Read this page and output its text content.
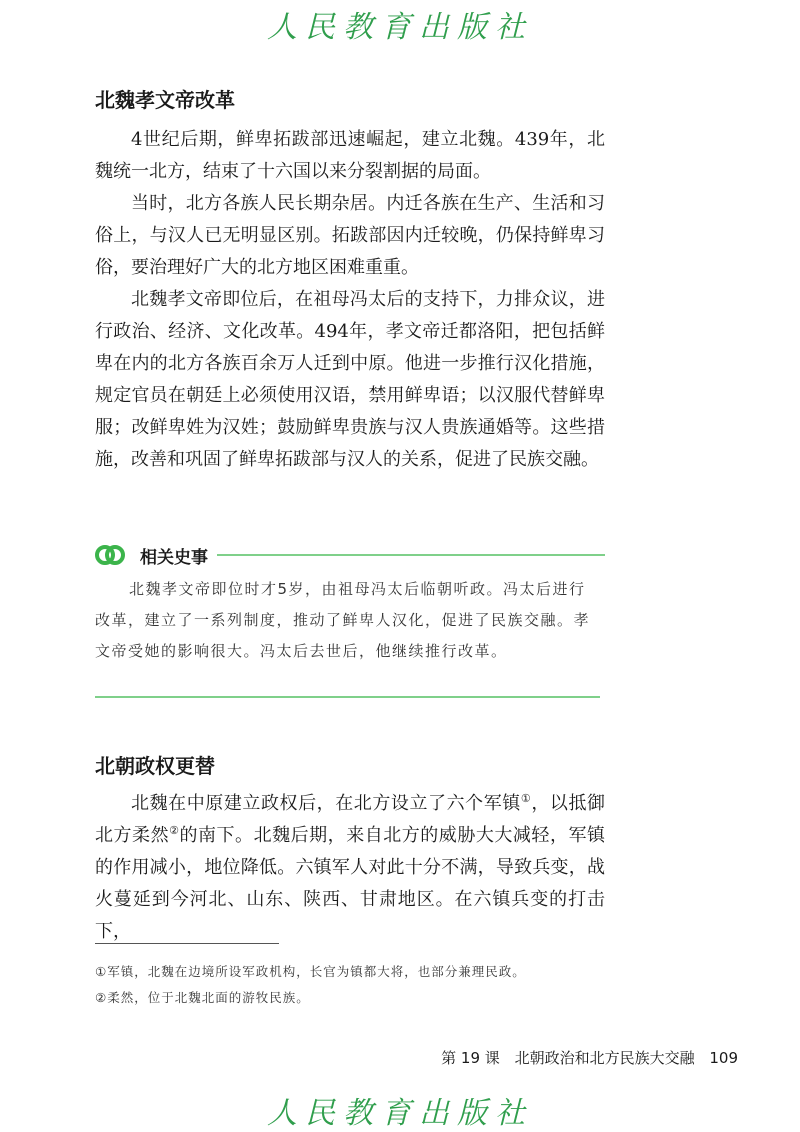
人民教育出版社
北魏孝文帝改革

4世纪后期，鲜卑拓跋部迅速崛起，建立北魏。439年，北魏统一北方，结束了十六国以来分裂割据的局面。

当时，北方各族人民长期杂居。内迁各族在生产、生活和习俗上，与汉人已无明显区别。拓跋部因内迁较晚，仍保持鲜卑习俗，要治理好广大的北方地区困难重重。

北魏孝文帝即位后，在祖母冯太后的支持下，力排众议，进行政治、经济、文化改革。494年，孝文帝迁都洛阳，把包括鲜卑在内的北方各族百余万人迁到中原。他进一步推行汉化措施，规定官员在朝廷上必须使用汉语，禁用鲜卑语；以汉服代替鲜卑服；改鲜卑姓为汉姓；鼓励鲜卑贵族与汉人贵族通婚等。这些措施，改善和巩固了鲜卑拓跋部与汉人的关系，促进了民族交融。

相关史事

北魏孝文帝即位时才5岁，由祖母冯太后临朝听政。冯太后进行改革，建立了一系列制度，推动了鲜卑人汉化，促进了民族交融。孝文帝受她的影响很大。冯太后去世后，他继续推行改革。

北朝政权更替

北魏在中原建立政权后，在北方设立了六个军镇①，以抵御北方柔然②的南下。北魏后期，来自北方的威胁大大减轻，军镇的作用减小，地位降低。六镇军人对此十分不满，导致兵变，战火蔓延到今河北、山东、陕西、甘肃地区。在六镇兵变的打击下，

①军镇，北魏在边境所设军政机构，长官为镇都大将，也部分兼理民政。

②柔然，位于北魏北面的游牧民族。

第 19 课 北朝政治和北方民族大交融 109
人民教育出版社
